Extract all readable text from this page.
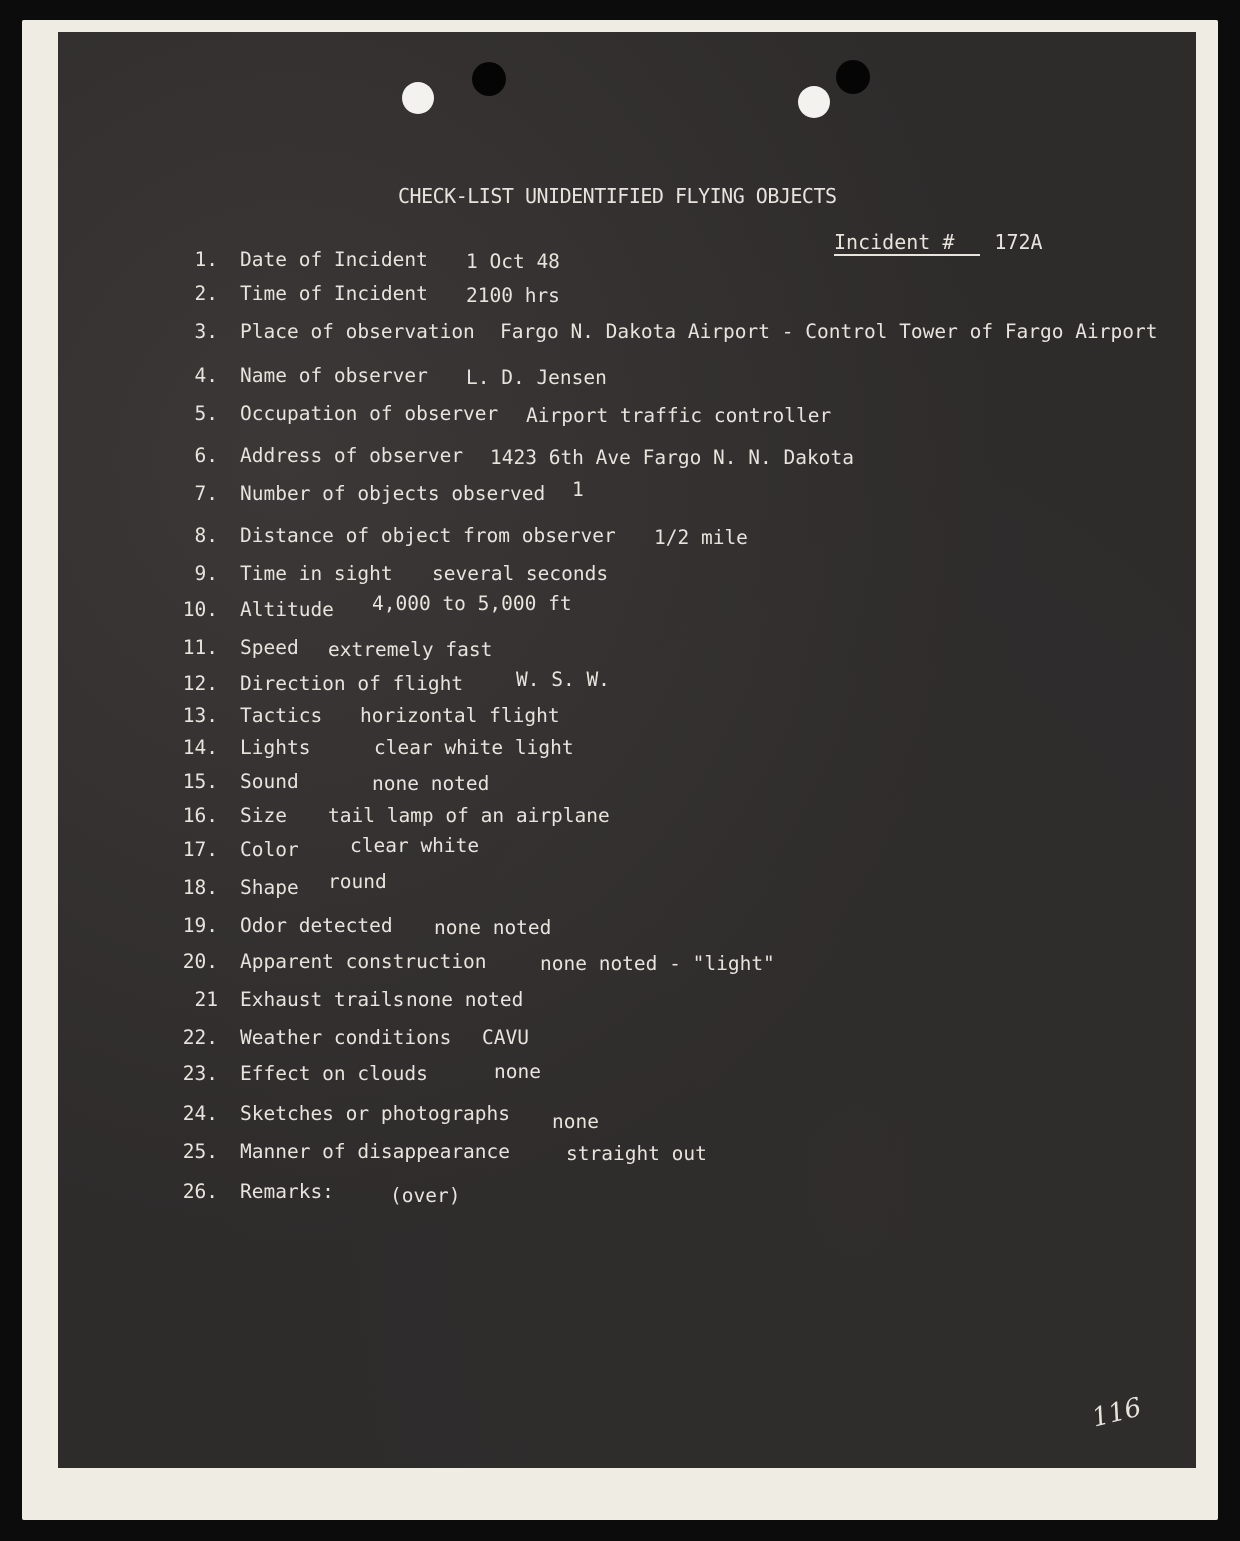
CHECK-LIST UNIDENTIFIED FLYING OBJECTS
Incident # 172A
1. Date of Incident 1 Oct 48
2. Time of Incident 2100 hrs
3. Place of observation Fargo N. Dakota Airport - Control Tower of Fargo Airport
4. Name of observer L. D. Jensen
5. Occupation of observer Airport traffic controller
6. Address of observer 1423 6th Ave Fargo N. N. Dakota
7. Number of objects observed 1
8. Distance of object from observer 1/2 mile
9. Time in sight several seconds
10. Altitude 4,000 to 5,000 ft
11. Speed extremely fast
12. Direction of flight	W. S. W.
13. Tactics horizontal flight
14. Lights	clear white light
15. Sound	none noted
16. Size tail lamp of an airplane
17. Color	clear white
18. Shape round
19. Odor detected none noted
20. Apparent construction	none noted - "light"
21 Exhaust trails none noted
22. Weather conditions CAVU
23. Effect on clouds	none
24. Sketches or photographs none
25. Manner of disappearance	straight out
26. Remarks:	(over)
116
